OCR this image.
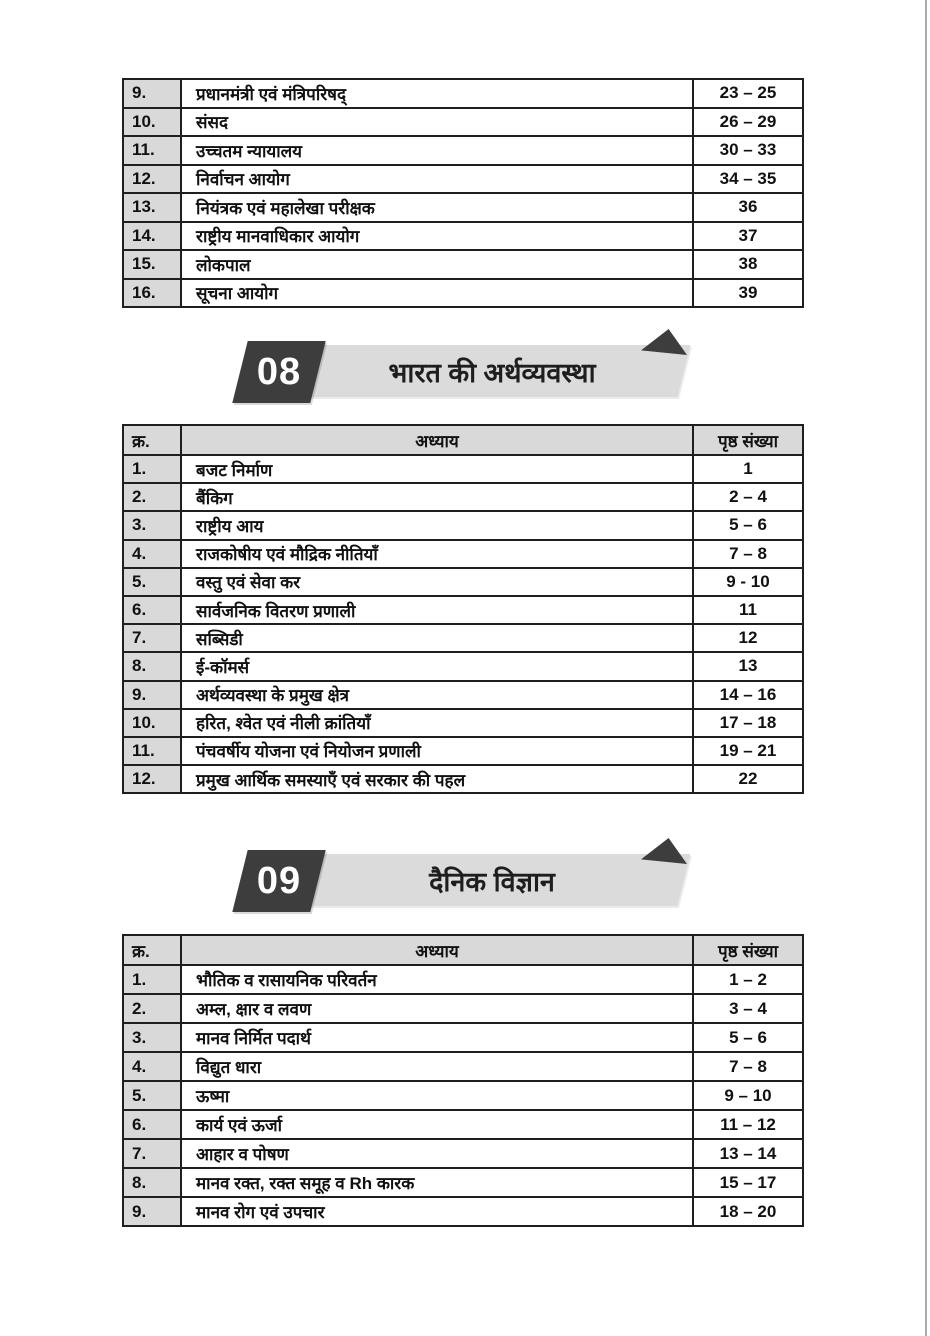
9.	प्रधानमंत्री एवं मंत्रिपरिषद्	23 – 25
10.	संसद	26 – 29
11.	उच्चतम न्यायालय	30 – 33
12.	निर्वाचन आयोग	34 – 35
13.	नियंत्रक एवं महालेखा परीक्षक	36
14.	राष्ट्रीय मानवाधिकार आयोग	37
15.	लोकपाल	38
16.	सूचना आयोग	39
08	भारत की अर्थव्यवस्था
क्र.	अध्याय	पृष्ठ संख्या
1.	बजट निर्माण	1
2.	बैंकिग	2 – 4
3.	राष्ट्रीय आय	5 – 6
4.	राजकोषीय एवं मौद्रिक नीतियाँ	7 – 8
5.	वस्तु एवं सेवा कर	9 - 10
6.	सार्वजनिक वितरण प्रणाली	11
7.	सब्सिडी	12
8.	ई-कॉमर्स	13
9.	अर्थव्यवस्था के प्रमुख क्षेत्र	14 – 16
10.	हरित, श्वेत एवं नीली क्रांतियाँ	17 – 18
11.	पंचवर्षीय योजना एवं नियोजन प्रणाली	19 – 21
12.	प्रमुख आर्थिक समस्याएँ एवं सरकार की पहल	22
09	दैनिक विज्ञान
क्र.	अध्याय	पृष्ठ संख्या
1.	भौतिक व रासायनिक परिवर्तन	1 – 2
2.	अम्ल, क्षार व लवण	3 – 4
3.	मानव निर्मित पदार्थ	5 – 6
4.	विद्युत धारा	7 – 8
5.	ऊष्मा	9 – 10
6.	कार्य एवं ऊर्जा	11 – 12
7.	आहार व पोषण	13 – 14
8.	मानव रक्त, रक्त समूह व Rh कारक	15 – 17
9.	मानव रोग एवं उपचार	18 – 20
